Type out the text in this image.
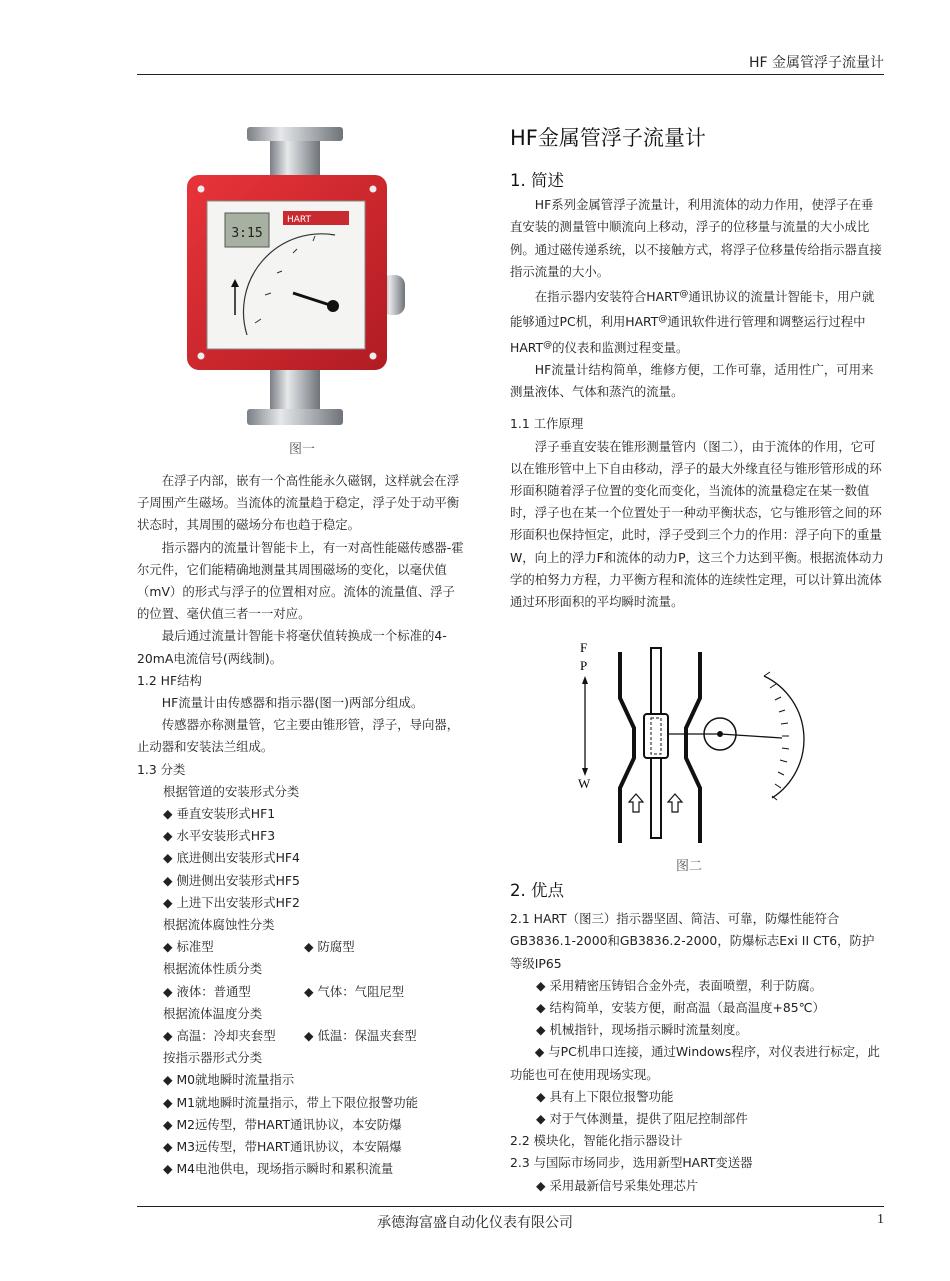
HF 金属管浮子流量计
3:15
HART
图一

在浮子内部，嵌有一个高性能永久磁钢，这样就会在浮子周围产生磁场。当流体的流量趋于稳定，浮子处于动平衡状态时，其周围的磁场分布也趋于稳定。

指示器内的流量计智能卡上，有一对高性能磁传感器-霍尔元件，它们能精确地测量其周围磁场的变化，以毫伏值（mV）的形式与浮子的位置相对应。流体的流量值、浮子的位置、毫伏值三者一一对应。

最后通过流量计智能卡将毫伏值转换成一个标准的4-20mA电流信号(两线制)。

1.2 HF结构

HF流量计由传感器和指示器(图一)两部分组成。

传感器亦称测量管，它主要由锥形管，浮子，导向器，止动器和安装法兰组成。

1.3 分类

根据管道的安装形式分类

◆ 垂直安装形式HF1

◆ 水平安装形式HF3

◆ 底进侧出安装形式HF4

◆ 侧进侧出安装形式HF5

◆ 上进下出安装形式HF2

根据流体腐蚀性分类

◆ 标准型	◆ 防腐型

根据流体性质分类

◆ 液体：普通型	◆ 气体：气阻尼型

根据流体温度分类

◆ 高温：冷却夹套型	◆ 低温：保温夹套型

按指示器形式分类

◆ M0就地瞬时流量指示

◆ M1就地瞬时流量指示，带上下限位报警功能

◆ M2远传型，带HART通讯协议，本安防爆

◆ M3远传型，带HART通讯协议，本安隔爆

◆ M4电池供电，现场指示瞬时和累积流量

HF金属管浮子流量计

1. 简述

HF系列金属管浮子流量计，利用流体的动力作用，使浮子在垂直安装的测量管中顺流向上移动，浮子的位移量与流量的大小成比例。通过磁传递系统，以不接触方式，将浮子位移量传给指示器直接指示流量的大小。

在指示器内安装符合HART@通讯协议的流量计智能卡，用户就能够通过PC机，利用HART@通讯软件进行管理和调整运行过程中HART@的仪表和监测过程变量。

HF流量计结构简单，维修方便，工作可靠，适用性广，可用来测量液体、气体和蒸汽的流量。

1.1 工作原理

浮子垂直安装在锥形测量管内（图二），由于流体的作用，它可以在锥形管中上下自由移动，浮子的最大外缘直径与锥形管形成的环形面积随着浮子位置的变化而变化，当流体的流量稳定在某一数值时，浮子也在某一个位置处于一种动平衡状态，它与锥形管之间的环形面积也保持恒定，此时，浮子受到三个力的作用：浮子向下的重量W，向上的浮力F和流体的动力P，这三个力达到平衡。根据流体动力学的柏努力方程，力平衡方程和流体的连续性定理，可以计算出流体通过环形面积的平均瞬时流量。

F
P
W
图二

2. 优点

2.1 HART（图三）指示器坚固、简洁、可靠，防爆性能符合GB3836.1-2000和GB3836.2-2000，防爆标志Exi II CT6，防护等级IP65

◆ 采用精密压铸铝合金外壳，表面喷塑，利于防腐。

◆ 结构简单，安装方便，耐高温（最高温度+85℃）

◆ 机械指针，现场指示瞬时流量刻度。

◆ 与PC机串口连接，通过Windows程序，对仪表进行标定，此功能也可在使用现场实现。

◆ 具有上下限位报警功能

◆ 对于气体测量，提供了阻尼控制部件

2.2 模块化，智能化指示器设计

2.3 与国际市场同步，选用新型HART变送器

◆ 采用最新信号采集处理芯片

承德海富盛自动化仪表有限公司	1
